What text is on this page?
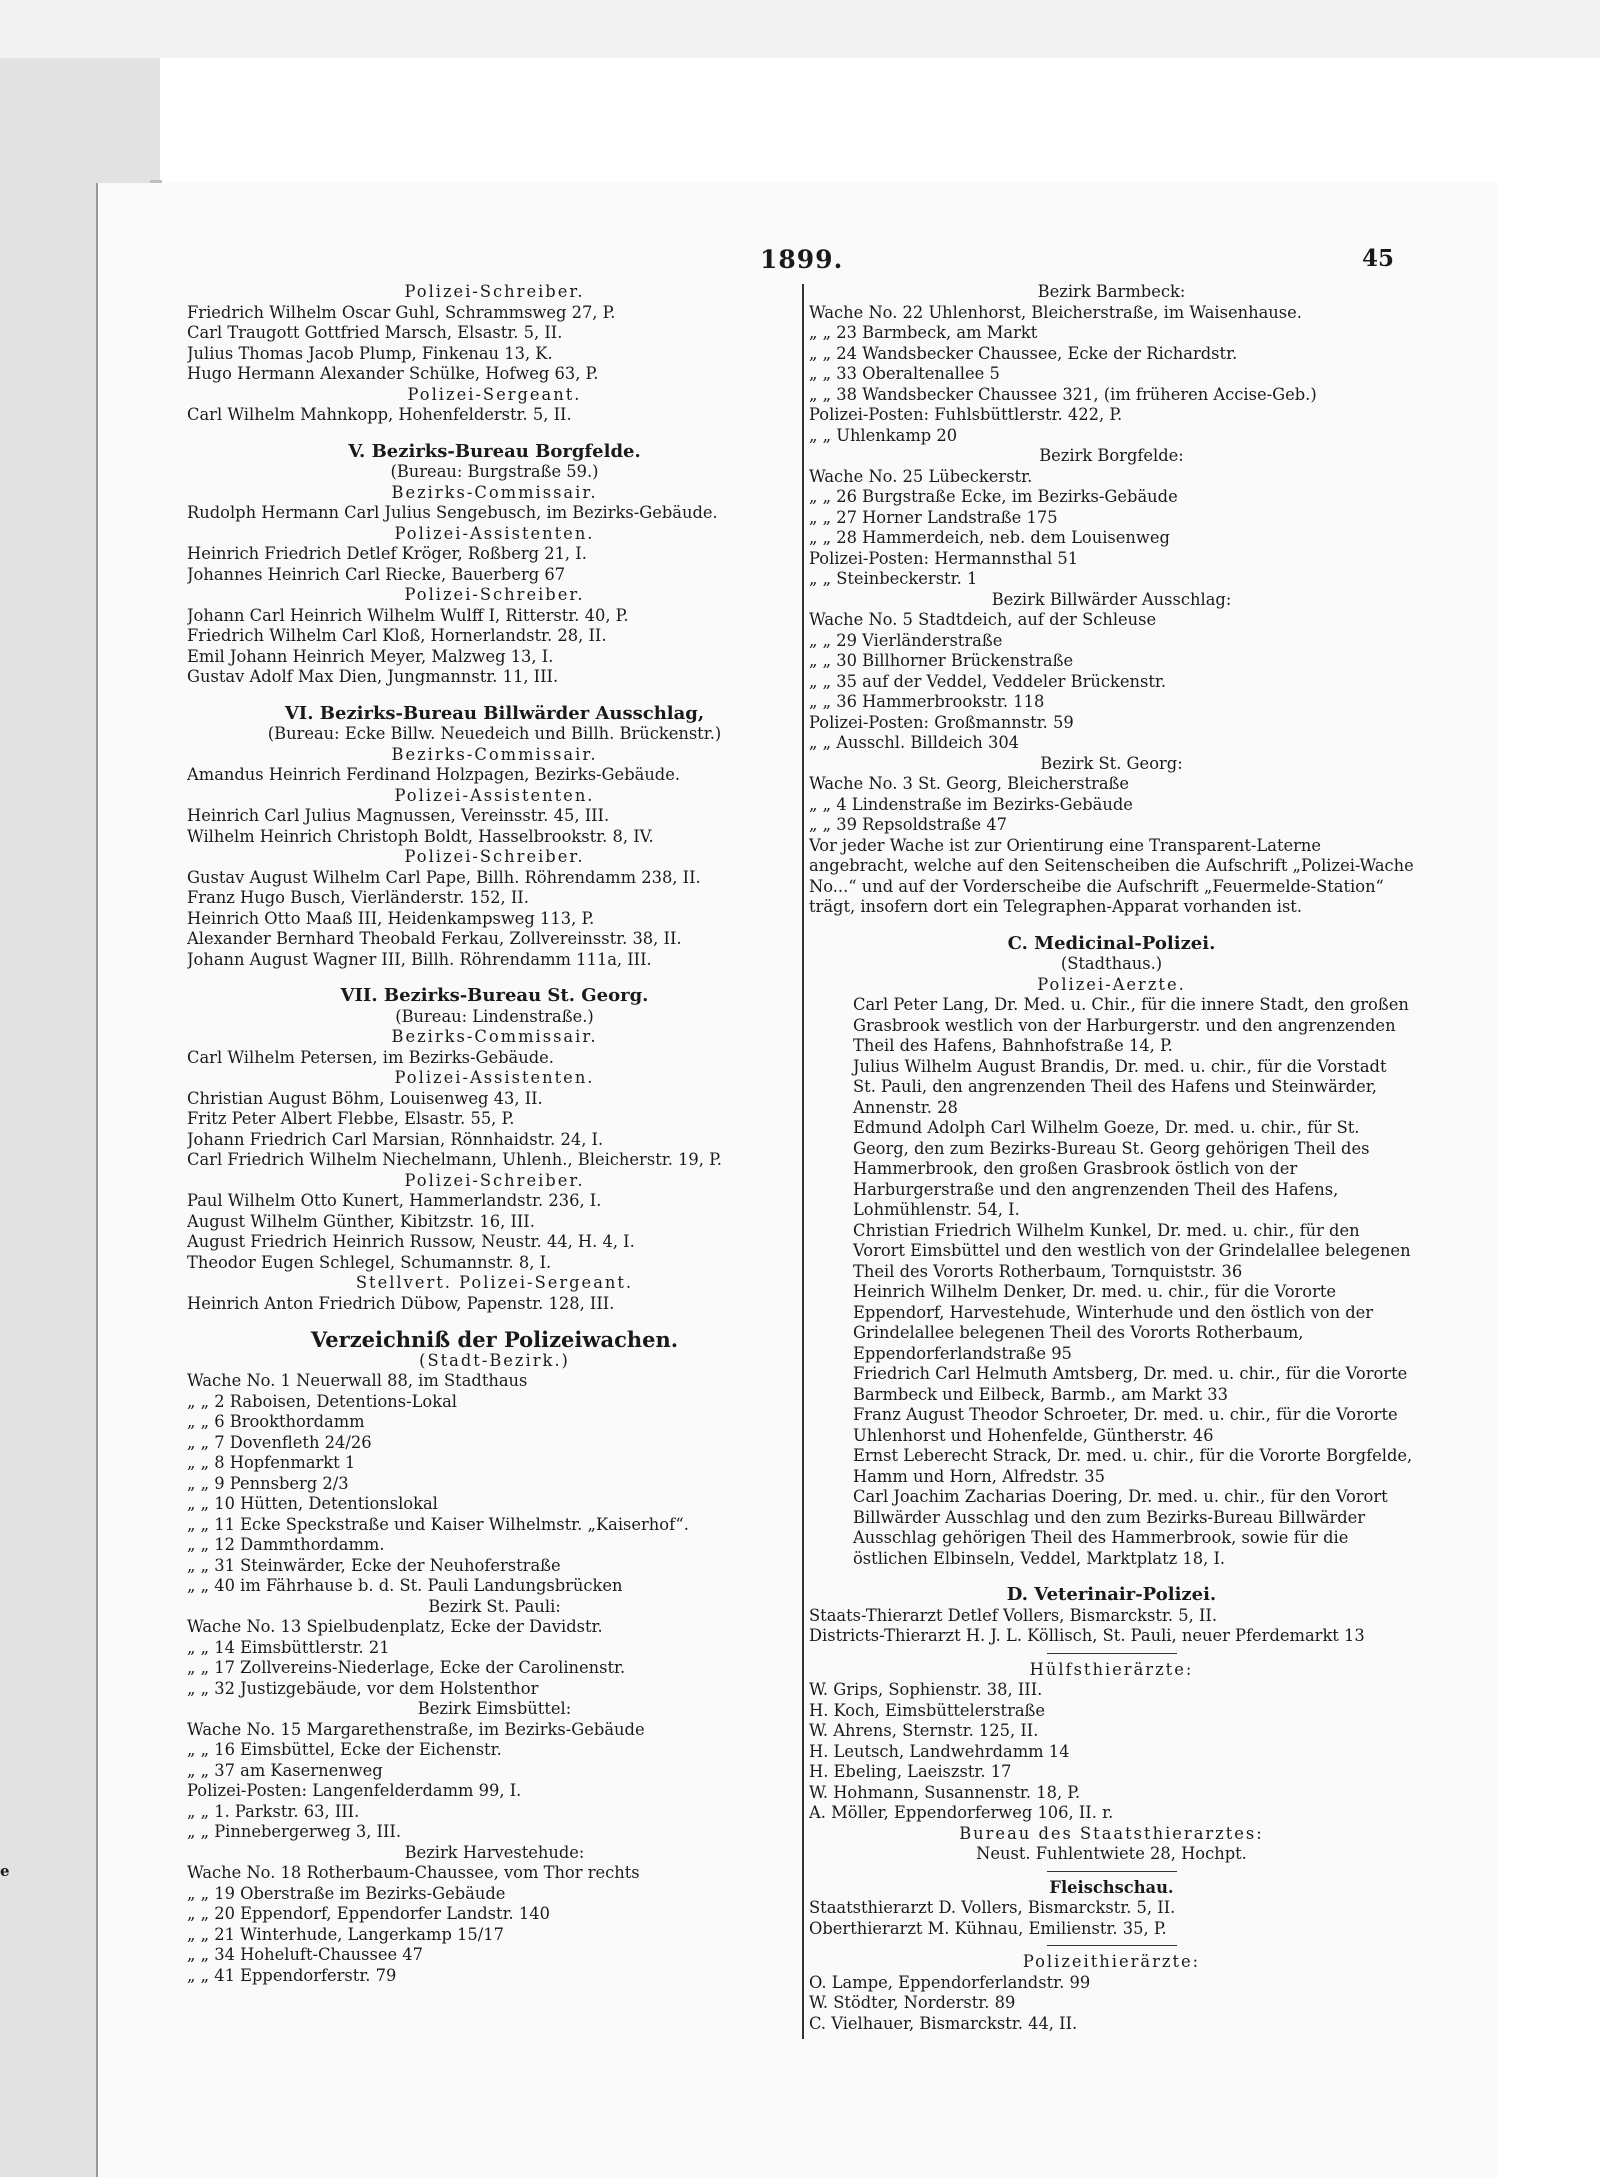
e
1899.	45
Polizei-Schreiber.
Friedrich Wilhelm Oscar Guhl, Schrammsweg 27, P.
Carl Traugott Gottfried Marsch, Elsastr. 5, II.
Julius Thomas Jacob Plump, Finkenau 13, K.
Hugo Hermann Alexander Schülke, Hofweg 63, P.
Polizei-Sergeant.
Carl Wilhelm Mahnkopp, Hohenfelderstr. 5, II.
V. Bezirks-Bureau Borgfelde.
(Bureau: Burgstraße 59.)
Bezirks-Commissair.
Rudolph Hermann Carl Julius Sengebusch, im Bezirks-Gebäude.
Polizei-Assistenten.
Heinrich Friedrich Detlef Kröger, Roßberg 21, I.
Johannes Heinrich Carl Riecke, Bauerberg 67
Polizei-Schreiber.
Johann Carl Heinrich Wilhelm Wulff I, Ritterstr. 40, P.
Friedrich Wilhelm Carl Kloß, Hornerlandstr. 28, II.
Emil Johann Heinrich Meyer, Malzweg 13, I.
Gustav Adolf Max Dien, Jungmannstr. 11, III.
VI. Bezirks-Bureau Billwärder Ausschlag,
(Bureau: Ecke Billw. Neuedeich und Billh. Brückenstr.)
Bezirks-Commissair.
Amandus Heinrich Ferdinand Holzpagen, Bezirks-Gebäude.
Polizei-Assistenten.
Heinrich Carl Julius Magnussen, Vereinsstr. 45, III.
Wilhelm Heinrich Christoph Boldt, Hasselbrookstr. 8, IV.
Polizei-Schreiber.
Gustav August Wilhelm Carl Pape, Billh. Röhrendamm 238, II.
Franz Hugo Busch, Vierländerstr. 152, II.
Heinrich Otto Maaß III, Heidenkampsweg 113, P.
Alexander Bernhard Theobald Ferkau, Zollvereinsstr. 38, II.
Johann August Wagner III, Billh. Röhrendamm 111a, III.
VII. Bezirks-Bureau St. Georg.
(Bureau: Lindenstraße.)
Bezirks-Commissair.
Carl Wilhelm Petersen, im Bezirks-Gebäude.
Polizei-Assistenten.
Christian August Böhm, Louisenweg 43, II.
Fritz Peter Albert Flebbe, Elsastr. 55, P.
Johann Friedrich Carl Marsian, Rönnhaidstr. 24, I.
Carl Friedrich Wilhelm Niechelmann, Uhlenh., Bleicherstr. 19, P.
Polizei-Schreiber.
Paul Wilhelm Otto Kunert, Hammerlandstr. 236, I.
August Wilhelm Günther, Kibitzstr. 16, III.
August Friedrich Heinrich Russow, Neustr. 44, H. 4, I.
Theodor Eugen Schlegel, Schumannstr. 8, I.
Stellvert. Polizei-Sergeant.
Heinrich Anton Friedrich Dübow, Papenstr. 128, III.
Verzeichniß der Polizeiwachen.
(Stadt-Bezirk.)
Wache No. 1 Neuerwall 88, im Stadthaus
„ „ 2 Raboisen, Detentions-Lokal
„ „ 6 Brookthordamm
„ „ 7 Dovenfleth 24/26
„ „ 8 Hopfenmarkt 1
„ „ 9 Pennsberg 2/3
„ „ 10 Hütten, Detentionslokal
„ „ 11 Ecke Speckstraße und Kaiser Wilhelmstr. „Kaiserhof“.
„ „ 12 Dammthordamm.
„ „ 31 Steinwärder, Ecke der Neuhoferstraße
„ „ 40 im Fährhause b. d. St. Pauli Landungsbrücken
Bezirk St. Pauli:
Wache No. 13 Spielbudenplatz, Ecke der Davidstr.
„ „ 14 Eimsbüttlerstr. 21
„ „ 17 Zollvereins-Niederlage, Ecke der Carolinenstr.
„ „ 32 Justizgebäude, vor dem Holstenthor
Bezirk Eimsbüttel:
Wache No. 15 Margarethenstraße, im Bezirks-Gebäude
„ „ 16 Eimsbüttel, Ecke der Eichenstr.
„ „ 37 am Kasernenweg
Polizei-Posten: Langenfelderdamm 99, I.
„ „ 1. Parkstr. 63, III.
„ „ Pinnebergerweg 3, III.
Bezirk Harvestehude:
Wache No. 18 Rotherbaum-Chaussee, vom Thor rechts
„ „ 19 Oberstraße im Bezirks-Gebäude
„ „ 20 Eppendorf, Eppendorfer Landstr. 140
„ „ 21 Winterhude, Langerkamp 15/17
„ „ 34 Hoheluft-Chaussee 47
„ „ 41 Eppendorferstr. 79
Bezirk Barmbeck:
Wache No. 22 Uhlenhorst, Bleicherstraße, im Waisenhause.
„ „ 23 Barmbeck, am Markt
„ „ 24 Wandsbecker Chaussee, Ecke der Richardstr.
„ „ 33 Oberaltenallee 5
„ „ 38 Wandsbecker Chaussee 321, (im früheren Accise-Geb.)
Polizei-Posten: Fuhlsbüttlerstr. 422, P.
„ „ Uhlenkamp 20
Bezirk Borgfelde:
Wache No. 25 Lübeckerstr.
„ „ 26 Burgstraße Ecke, im Bezirks-Gebäude
„ „ 27 Horner Landstraße 175
„ „ 28 Hammerdeich, neb. dem Louisenweg
Polizei-Posten: Hermannsthal 51
„ „ Steinbeckerstr. 1
Bezirk Billwärder Ausschlag:
Wache No. 5 Stadtdeich, auf der Schleuse
„ „ 29 Vierländerstraße
„ „ 30 Billhorner Brückenstraße
„ „ 35 auf der Veddel, Veddeler Brückenstr.
„ „ 36 Hammerbrookstr. 118
Polizei-Posten: Großmannstr. 59
„ „ Ausschl. Billdeich 304
Bezirk St. Georg:
Wache No. 3 St. Georg, Bleicherstraße
„ „ 4 Lindenstraße im Bezirks-Gebäude
„ „ 39 Repsoldstraße 47
Vor jeder Wache ist zur Orientirung eine Transparent-Laterne angebracht, welche auf den Seitenscheiben die Aufschrift „Polizei-Wache No...“ und auf der Vorderscheibe die Aufschrift „Feuermelde-Station“ trägt, insofern dort ein Telegraphen-Apparat vorhanden ist.
C. Medicinal-Polizei.
(Stadthaus.)
Polizei-Aerzte.
Carl Peter Lang, Dr. Med. u. Chir., für die innere Stadt, den großen Grasbrook westlich von der Harburgerstr. und den angrenzenden Theil des Hafens, Bahnhofstraße 14, P.
Julius Wilhelm August Brandis, Dr. med. u. chir., für die Vorstadt St. Pauli, den angrenzenden Theil des Hafens und Steinwärder, Annenstr. 28
Edmund Adolph Carl Wilhelm Goeze, Dr. med. u. chir., für St. Georg, den zum Bezirks-Bureau St. Georg gehörigen Theil des Hammerbrook, den großen Grasbrook östlich von der Harburgerstraße und den angrenzenden Theil des Hafens, Lohmühlenstr. 54, I.
Christian Friedrich Wilhelm Kunkel, Dr. med. u. chir., für den Vorort Eimsbüttel und den westlich von der Grindelallee belegenen Theil des Vororts Rotherbaum, Tornquiststr. 36
Heinrich Wilhelm Denker, Dr. med. u. chir., für die Vororte Eppendorf, Harvestehude, Winterhude und den östlich von der Grindelallee belegenen Theil des Vororts Rotherbaum, Eppendorferlandstraße 95
Friedrich Carl Helmuth Amtsberg, Dr. med. u. chir., für die Vororte Barmbeck und Eilbeck, Barmb., am Markt 33
Franz August Theodor Schroeter, Dr. med. u. chir., für die Vororte Uhlenhorst und Hohenfelde, Güntherstr. 46
Ernst Leberecht Strack, Dr. med. u. chir., für die Vororte Borgfelde, Hamm und Horn, Alfredstr. 35
Carl Joachim Zacharias Doering, Dr. med. u. chir., für den Vorort Billwärder Ausschlag und den zum Bezirks-Bureau Billwärder Ausschlag gehörigen Theil des Hammerbrook, sowie für die östlichen Elbinseln, Veddel, Marktplatz 18, I.
D. Veterinair-Polizei.
Staats-Thierarzt Detlef Vollers, Bismarckstr. 5, II.
Districts-Thierarzt H. J. L. Köllisch, St. Pauli, neuer Pferdemarkt 13
Hülfsthierärzte:
W. Grips, Sophienstr. 38, III.
H. Koch, Eimsbüttelerstraße
W. Ahrens, Sternstr. 125, II.
H. Leutsch, Landwehrdamm 14
H. Ebeling, Laeiszstr. 17
W. Hohmann, Susannenstr. 18, P.
A. Möller, Eppendorferweg 106, II. r.
Bureau des Staatsthierarztes:
Neust. Fuhlentwiete 28, Hochpt.
Fleischschau.
Staatsthierarzt D. Vollers, Bismarckstr. 5, II.
Oberthierarzt M. Kühnau, Emilienstr. 35, P.
Polizeithierärzte:
O. Lampe, Eppendorferlandstr. 99
W. Stödter, Norderstr. 89
C. Vielhauer, Bismarckstr. 44, II.
